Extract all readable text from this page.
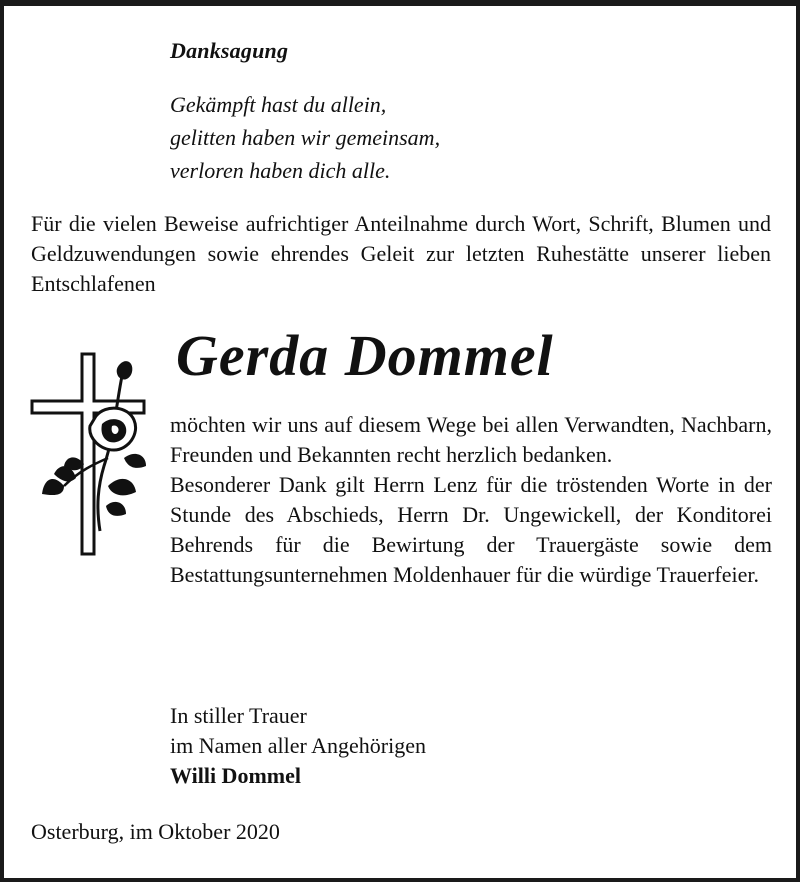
Danksagung
Gekämpft hast du allein,
gelitten haben wir gemeinsam,
verloren haben dich alle.
Für die vielen Beweise aufrichtiger Anteilnahme durch Wort, Schrift, Blumen und Geldzuwendungen sowie ehrendes Geleit zur letzten Ruhestätte unserer lieben Entschlafenen
Gerda Dommel

möchten wir uns auf diesem Wege bei allen Verwandten, Nachbarn, Freunden und Bekannten recht herzlich bedanken.

Besonderer Dank gilt Herrn Lenz für die tröstenden Worte in der Stunde des Abschieds, Herrn Dr. Ungewickell, der Konditorei Behrends für die Bewirtung der Trauergäste sowie dem Bestattungsunternehmen Moldenhauer für die würdige Trauerfeier.

In stiller Trauer
im Namen aller Angehörigen
Willi Dommel
Osterburg, im Oktober 2020
